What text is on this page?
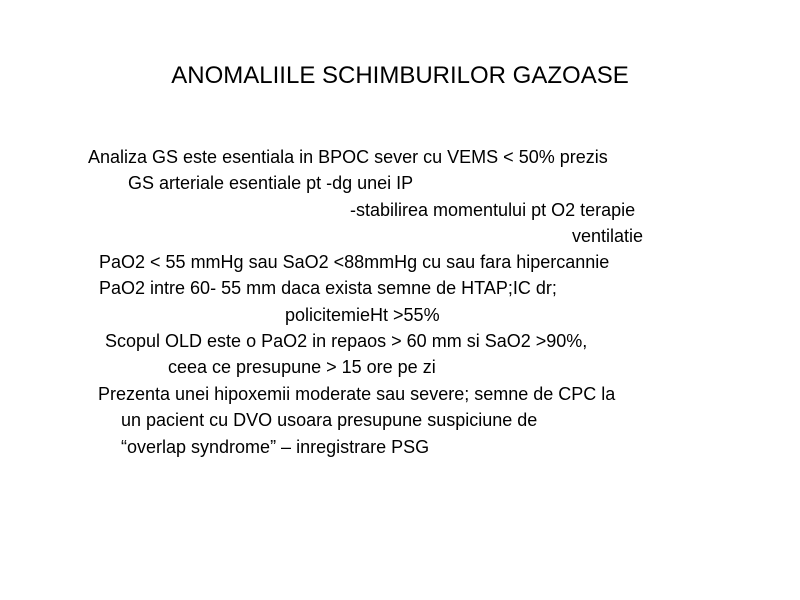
ANOMALIILE SCHIMBURILOR GAZOASE
Analiza GS este esentiala in BPOC sever cu VEMS < 50% prezis
GS arteriale esentiale pt -dg unei IP
-stabilirea momentului pt O2 terapie
ventilatie
PaO2 < 55 mmHg sau SaO2 <88mmHg cu sau fara hipercannie
PaO2 intre 60- 55 mm daca exista semne de HTAP;IC dr;
policitemieHt >55%
Scopul OLD este o PaO2 in repaos > 60 mm si SaO2 >90%,
ceea ce presupune > 15 ore pe zi
Prezenta unei hipoxemii moderate sau severe; semne de CPC la
un pacient cu DVO usoara presupune suspiciune de
“overlap syndrome” – inregistrare PSG
